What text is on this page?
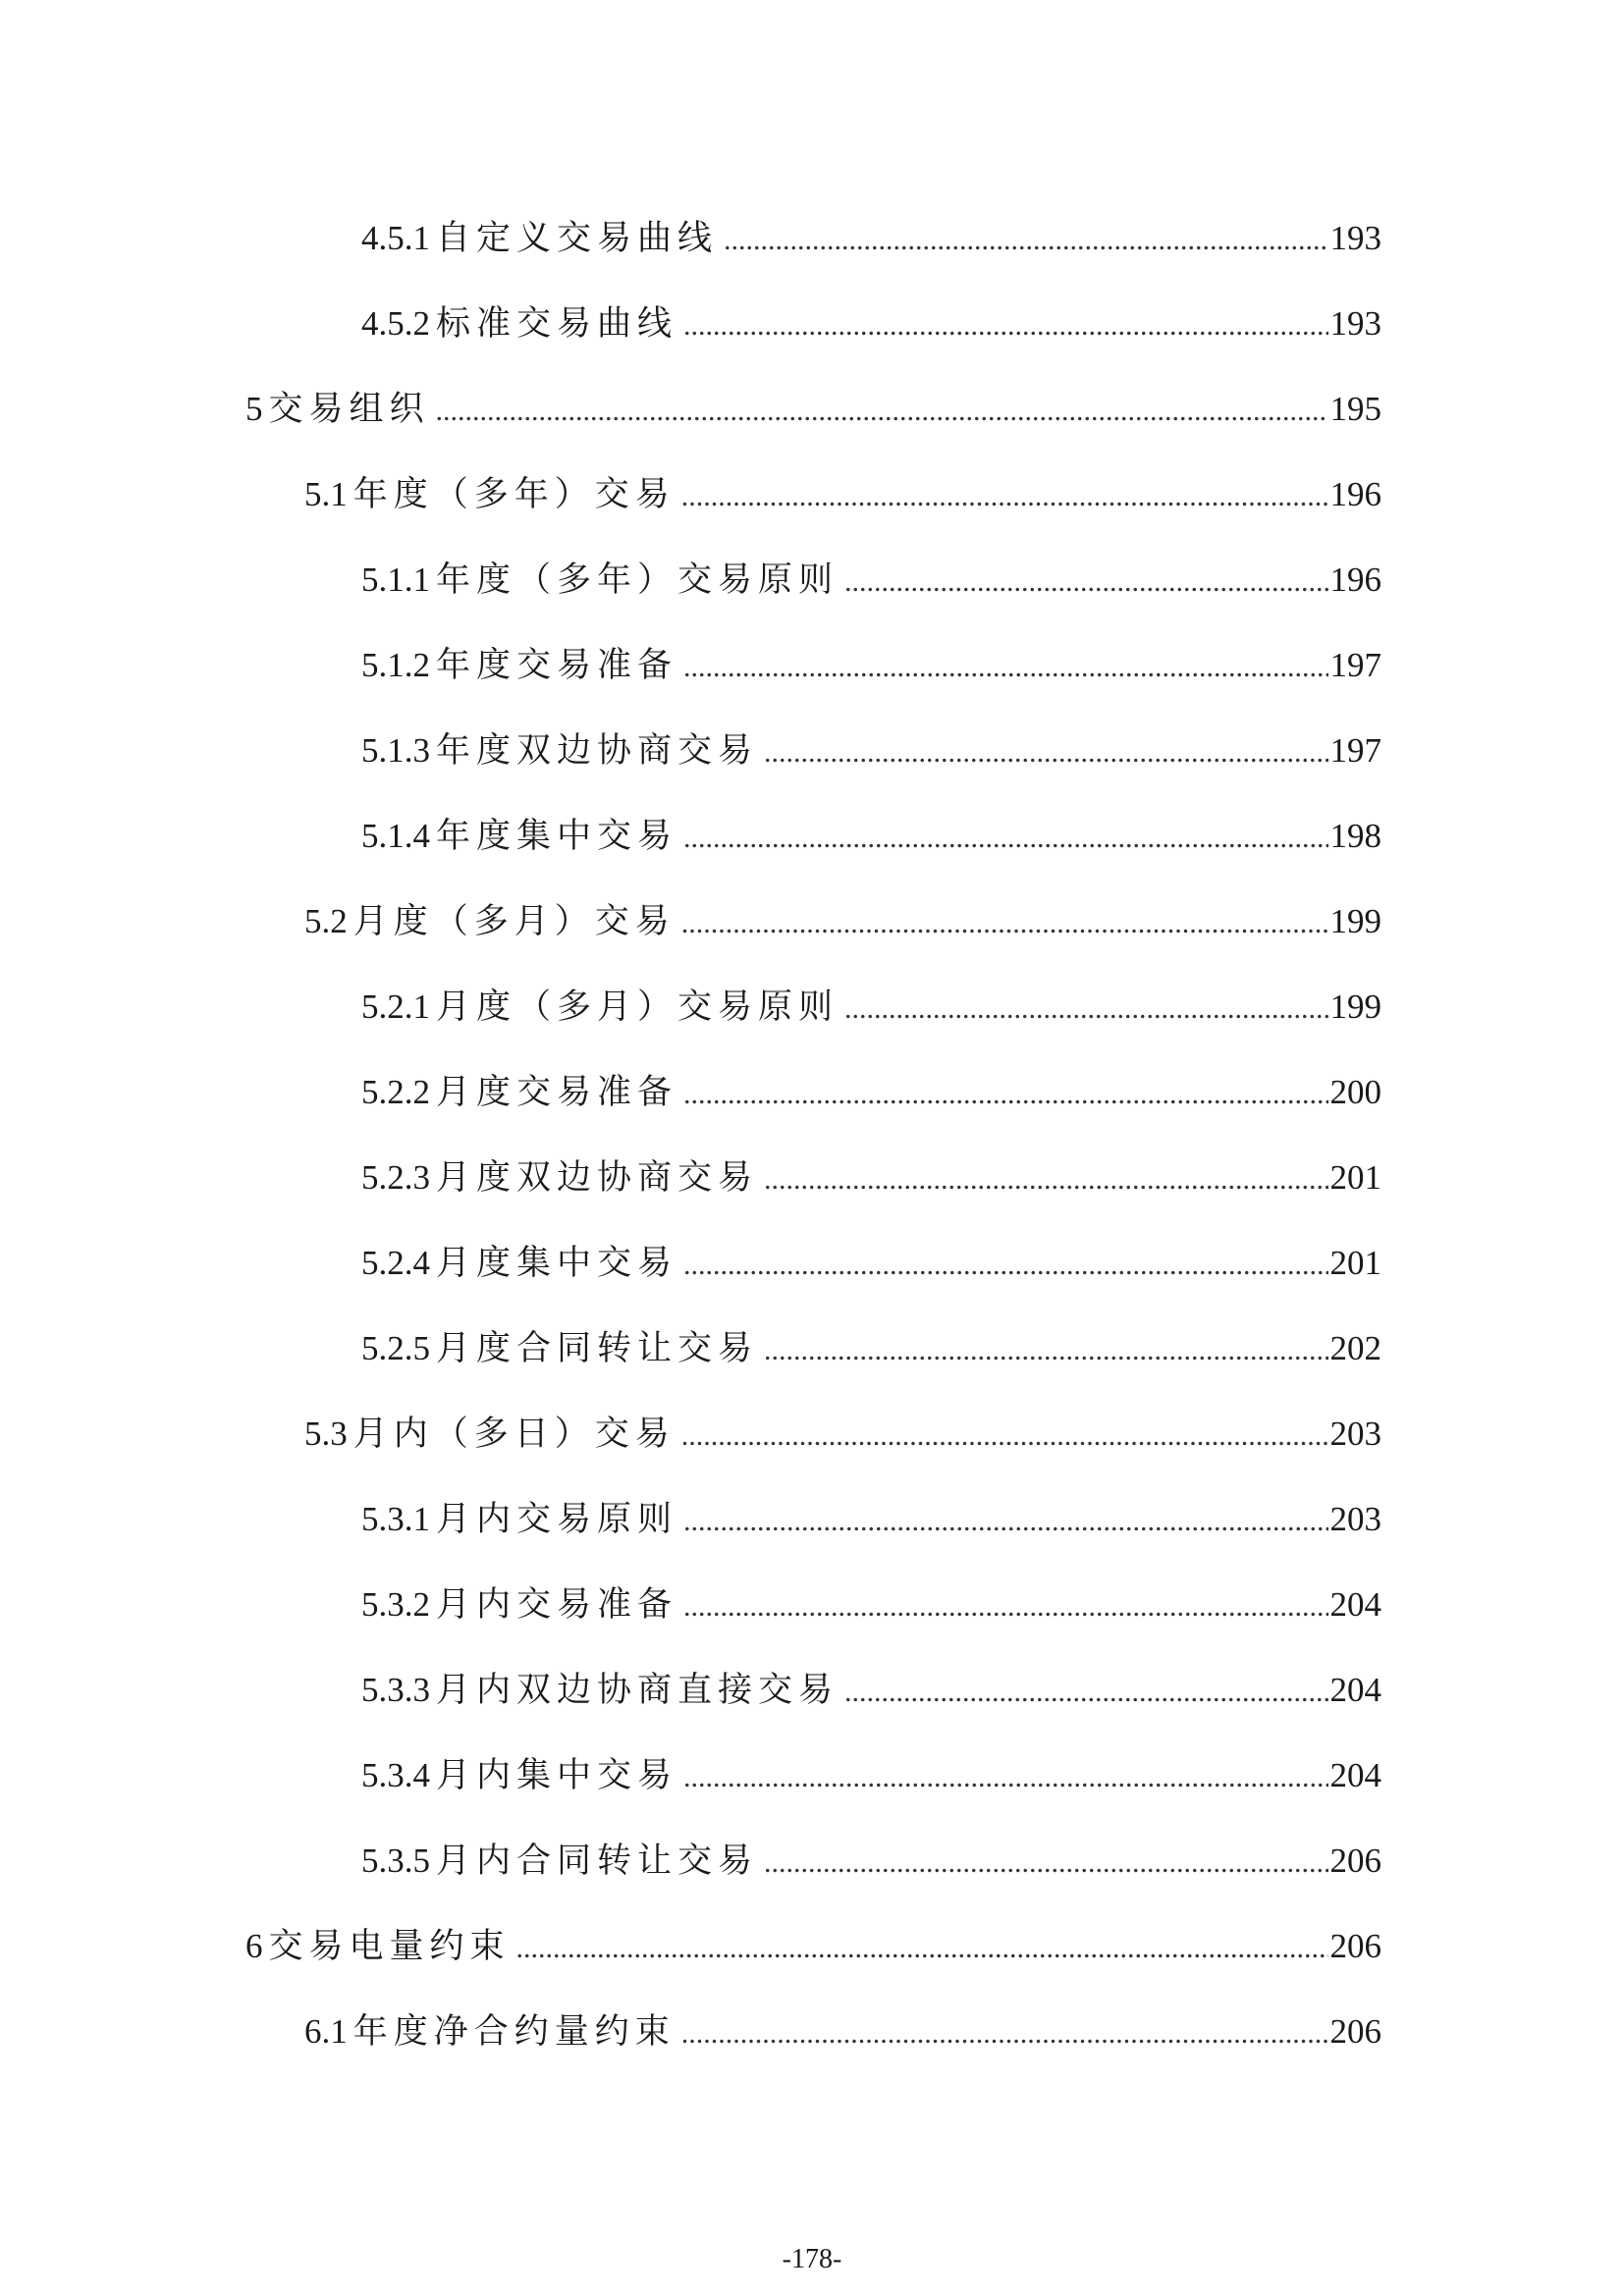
4.5.1 自定义交易曲线 .....	193
4.5.2 标准交易曲线 .....	193
5 交易组织 .....	195
5.1 年度（多年）交易 .....	196
5.1.1 年度（多年）交易原则 .....	196
5.1.2 年度交易准备 .....	197
5.1.3 年度双边协商交易 .....	197
5.1.4 年度集中交易 .....	198
5.2 月度（多月）交易 .....	199
5.2.1 月度（多月）交易原则 .....	199
5.2.2 月度交易准备 .....	200
5.2.3 月度双边协商交易 .....	201
5.2.4 月度集中交易 .....	201
5.2.5 月度合同转让交易 .....	202
5.3 月内（多日）交易 .....	203
5.3.1 月内交易原则 .....	203
5.3.2 月内交易准备 .....	204
5.3.3 月内双边协商直接交易 .....	204
5.3.4 月内集中交易 .....	204
5.3.5 月内合同转让交易 .....	206
6 交易电量约束 .....	206
6.1 年度净合约量约束 .....	206
-178-
